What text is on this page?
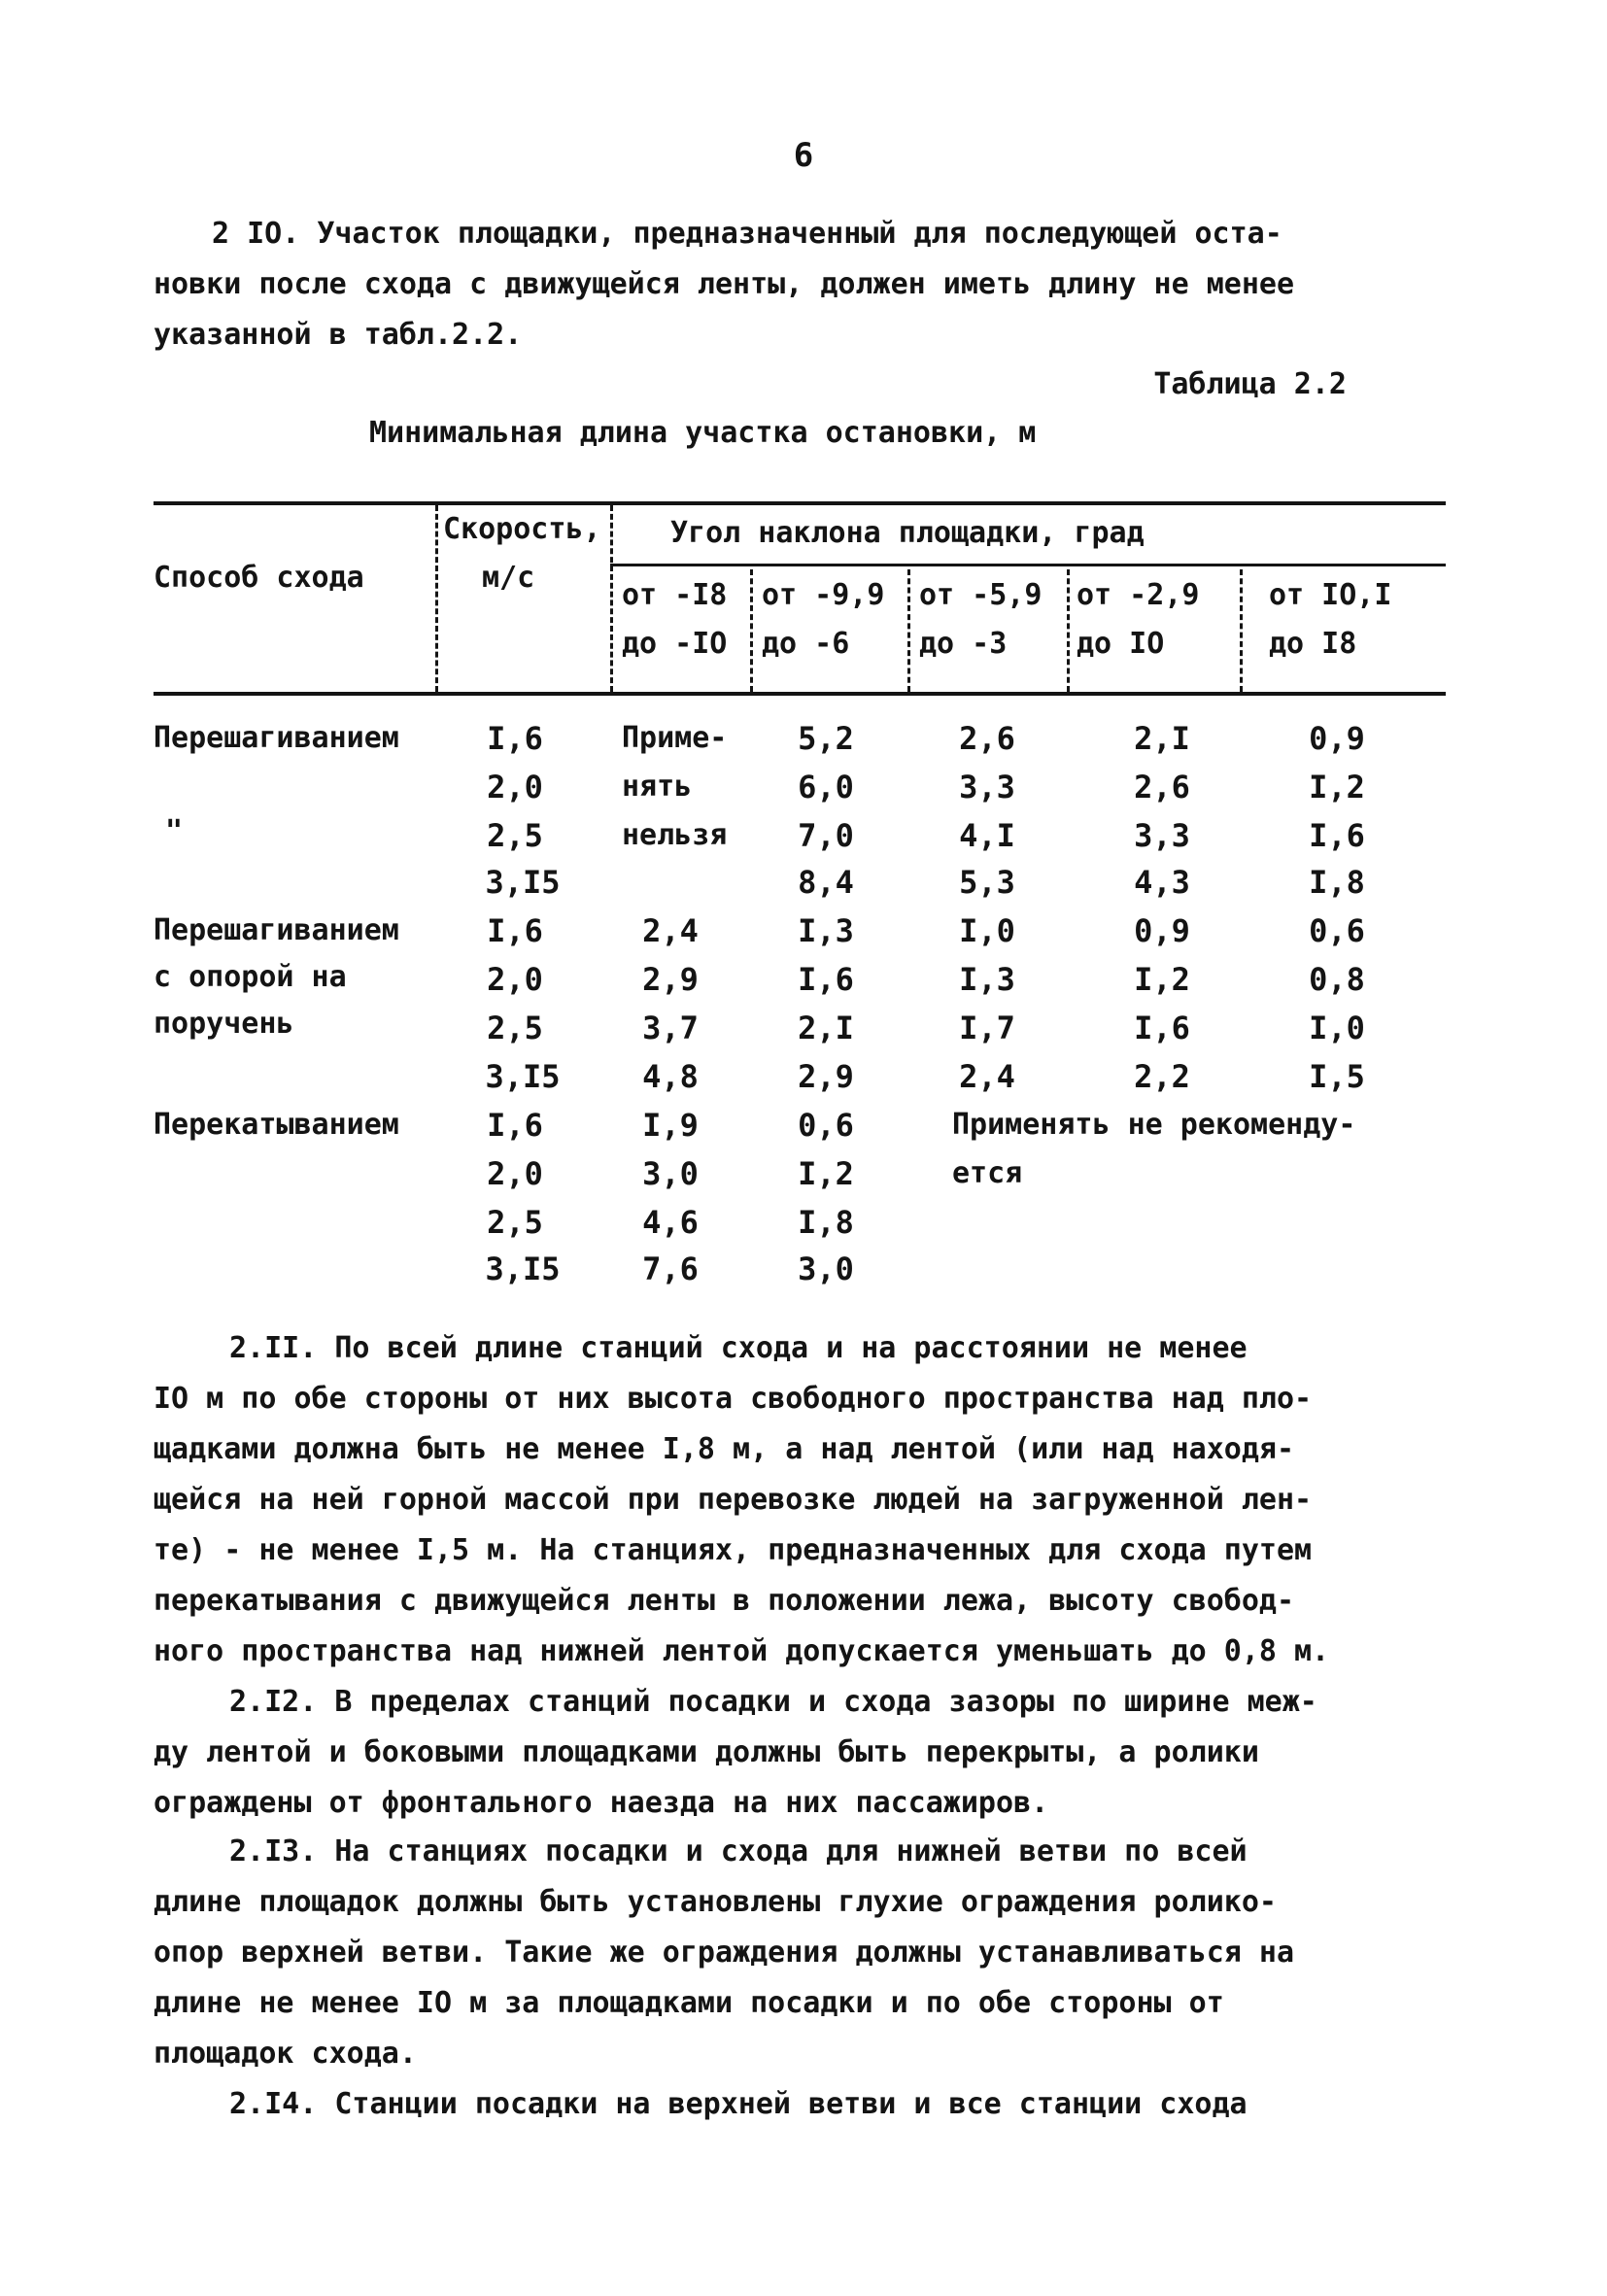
6
2 IO. Участок площадки, предназначенный для последующей оста-
новки после схода с движущейся ленты, должен иметь длину не менее
указанной в табл.2.2.
Таблица 2.2
Минимальная длина участка остановки, м
Способ схода
Скорость,
м/с
Угол наклона площадки, град
от -I8
до -IO
от -9,9
до -6
от -5,9
до -3
от -2,9
до IO
от IO,I
до I8
Перешагиванием
"
I,6
2,0
2,5
3,I5
Приме-
нять
нельзя
5,2
6,0
7,0
8,4
2,6
3,3
4,I
5,3
2,I
2,6
3,3
4,3
0,9
I,2
I,6
I,8
Перешагиванием
с опорой на
поручень
I,6
2,0
2,5
3,I5
2,4
2,9
3,7
4,8
I,3
I,6
2,I
2,9
I,0
I,3
I,7
2,4
0,9
I,2
I,6
2,2
0,6
0,8
I,0
I,5
Перекатыванием	I,6
2,0
2,5
3,I5
I,9
3,0
4,6
7,6
0,6
I,2
I,8
3,0
Применять не рекоменду-
ется
2.II. По всей длине станций схода и на расстоянии не менее
IO м по обе стороны от них высота свободного пространства над пло-
щадками должна быть не менее I,8 м, а над лентой (или над находя-
щейся на ней горной массой при перевозке людей на загруженной лен-
те) - не менее I,5 м. На станциях, предназначенных для схода путем
перекатывания с движущейся ленты в положении лежа, высоту свобод-
ного пространства над нижней лентой допускается уменьшать до 0,8 м.
2.I2. В пределах станций посадки и схода зазоры по ширине меж-
ду лентой и боковыми площадками должны быть перекрыты, а ролики
ограждены от фронтального наезда на них пассажиров.
2.I3. На станциях посадки и схода для нижней ветви по всей
длине площадок должны быть установлены глухие ограждения ролико-
опор верхней ветви. Такие же ограждения должны устанавливаться на
длине не менее IO м за площадками посадки и по обе стороны от
площадок схода.
2.I4. Станции посадки на верхней ветви и все станции схода
